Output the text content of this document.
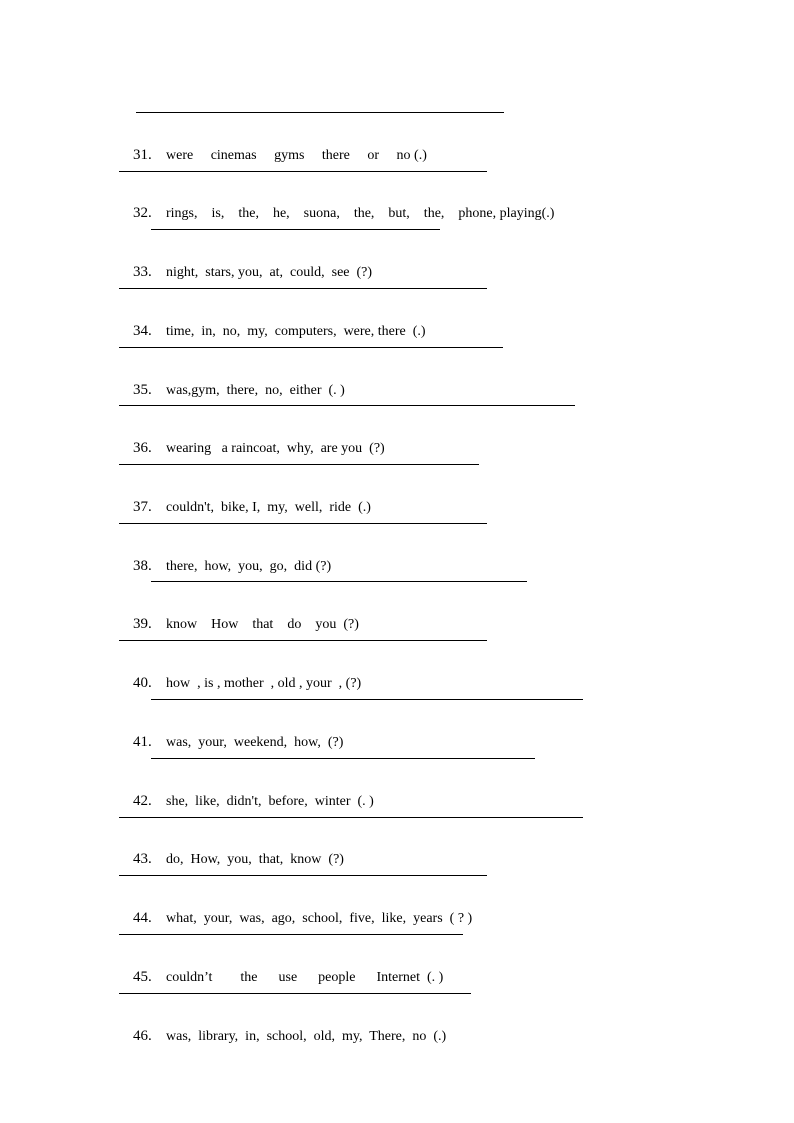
31. were     cinemas     gyms     there     or     no (.)

32. rings,    is,    the,    he,    suona,    the,    but,    the,    phone, playing(.)

33. night,  stars, you,  at,  could,  see  (?)

34. time,  in,  no,  my,  computers,  were, there  (.)

35. was,gym,  there,  no,  either  (. )

36. wearing   a raincoat,  why,  are you  (?)

37. couldn't,  bike, I,  my,  well,  ride  (.)

38. there,  how,  you,  go,  did (?)

39. know    How    that    do    you  (?)

40. how  , is , mother  , old , your  , (?)

41. was,  your,  weekend,  how,  (?)

42. she,  like,  didn't,  before,  winter  (. )

43. do,  How,  you,  that,  know  (?)

44. what,  your,  was,  ago,  school,  five,  like,  years  ( ? )

45. couldn’t        the      use      people      Internet  (. )

46. was,  library,  in,  school,  old,  my,  There,  no  (.)
